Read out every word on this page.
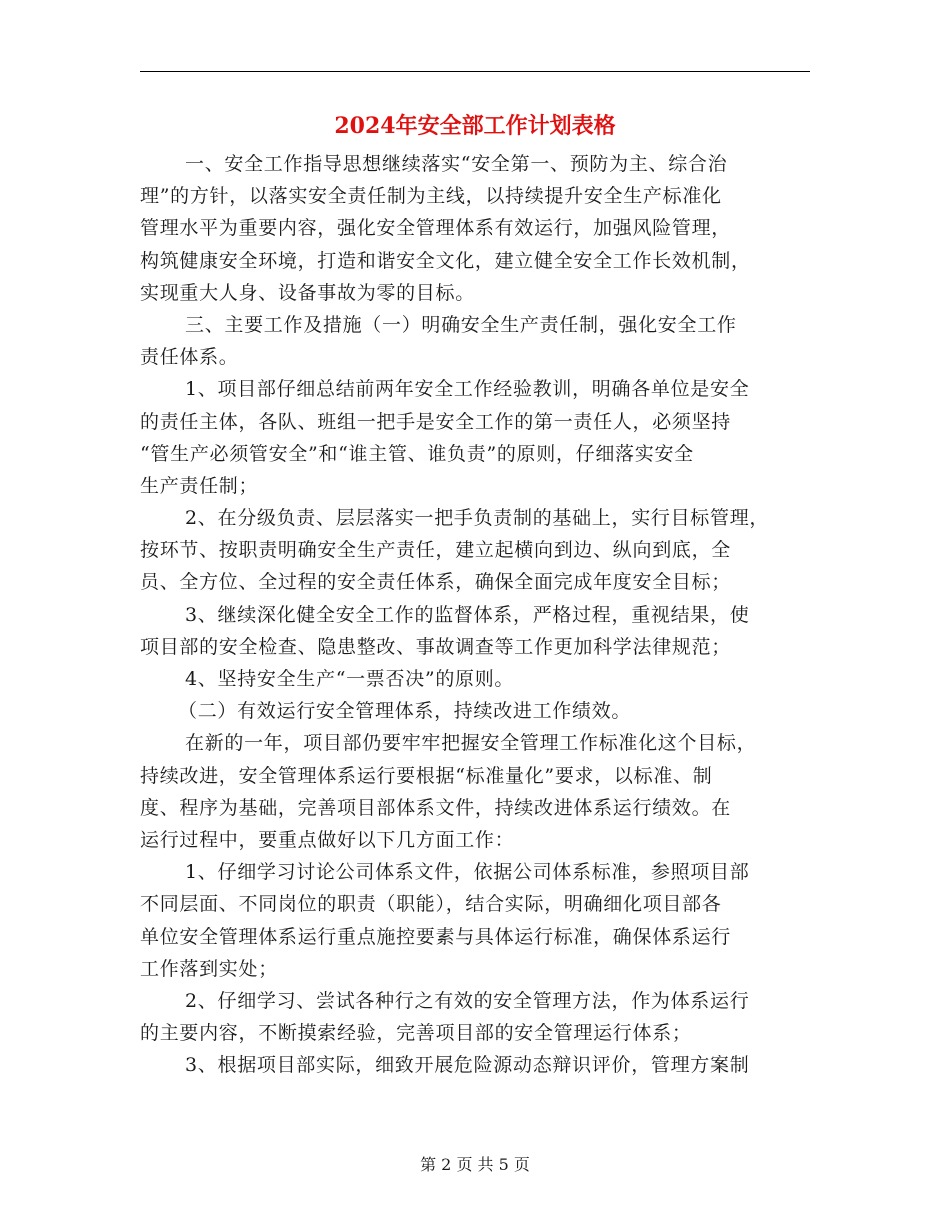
2024年安全部工作计划表格
一、安全工作指导思想继续落实“安全第一、预防为主、综合治
理”的方针，以落实安全责任制为主线，以持续提升安全生产标准化
管理水平为重要内容，强化安全管理体系有效运行，加强风险管理，
构筑健康安全环境，打造和谐安全文化，建立健全安全工作长效机制，
实现重大人身、设备事故为零的目标。
三、主要工作及措施（一）明确安全生产责任制，强化安全工作
责任体系。
1、项目部仔细总结前两年安全工作经验教训，明确各单位是安全
的责任主体，各队、班组一把手是安全工作的第一责任人，必须坚持
“管生产必须管安全”和“谁主管、谁负责”的原则，仔细落实安全
生产责任制；
2、在分级负责、层层落实一把手负责制的基础上，实行目标管理，
按环节、按职责明确安全生产责任，建立起横向到边、纵向到底，全
员、全方位、全过程的安全责任体系，确保全面完成年度安全目标；
3、继续深化健全安全工作的监督体系，严格过程，重视结果，使
项目部的安全检查、隐患整改、事故调查等工作更加科学法律规范；
4、坚持安全生产“一票否决”的原则。
（二）有效运行安全管理体系，持续改进工作绩效。
在新的一年，项目部仍要牢牢把握安全管理工作标准化这个目标，
持续改进，安全管理体系运行要根据“标准量化”要求，以标准、制
度、程序为基础，完善项目部体系文件，持续改进体系运行绩效。在
运行过程中，要重点做好以下几方面工作：
1、仔细学习讨论公司体系文件，依据公司体系标准，参照项目部
不同层面、不同岗位的职责（职能），结合实际，明确细化项目部各
单位安全管理体系运行重点施控要素与具体运行标准，确保体系运行
工作落到实处；
2、仔细学习、尝试各种行之有效的安全管理方法，作为体系运行
的主要内容，不断摸索经验，完善项目部的安全管理运行体系；
3、根据项目部实际，细致开展危险源动态辩识评价，管理方案制
第 2 页 共 5 页
